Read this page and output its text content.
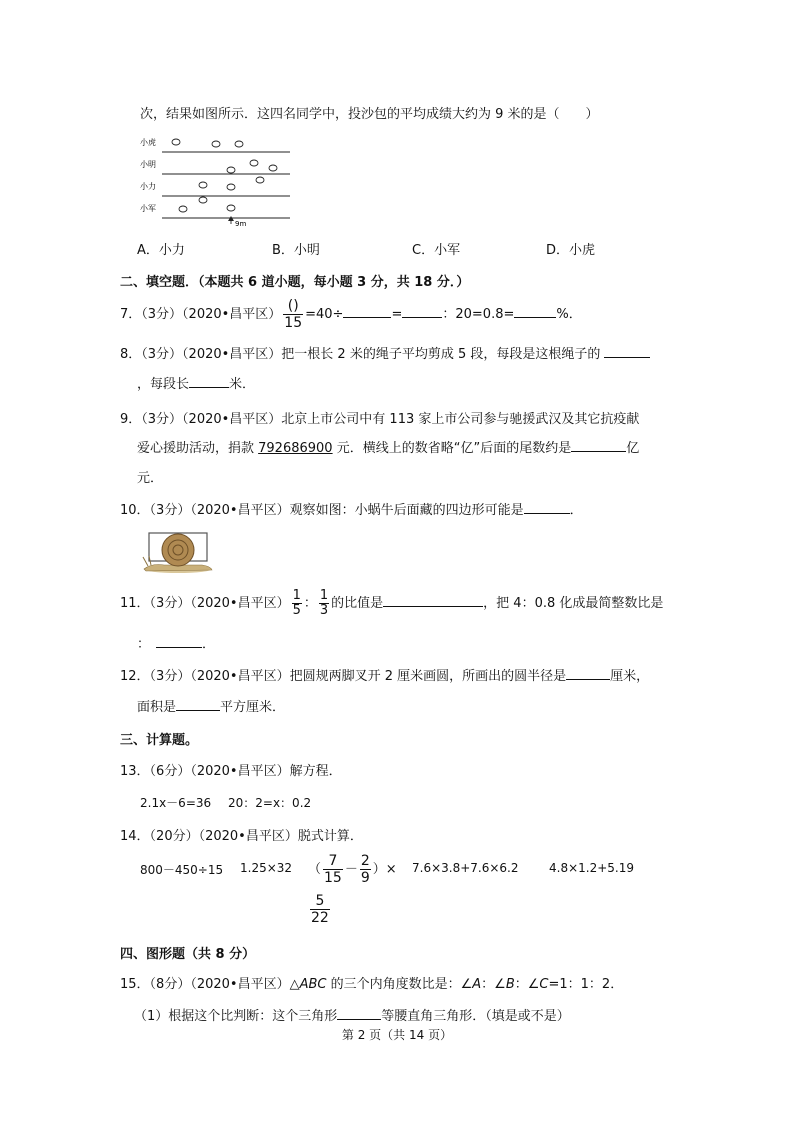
次，结果如图所示．这四名同学中，投沙包的平均成绩大约为 9 米的是（　　）
小虎
小明
小力
小军
9m
A．小力	B．小明	C．小军	D．小虎
二、填空题．（本题共 6 道小题，每小题 3 分，共 18 分．）
7．（3分）（2020•昌平区） $\frac{()}{15} =40\div$	=	：20=0.8=	%．
8．（3分）（2020•昌平区）把一根长 2 米的绳子平均剪成 5 段，每段是这根绳子的
，每段长	米．
9．（3分）（2020•昌平区）北京上市公司中有 113 家上市公司参与驰援武汉及其它抗疫献
爱心援助活动，捐款 792686900 元．横线上的数省略“亿”后面的尾数约是	亿
元．
10．（3分）（2020•昌平区）观察如图：小蜗牛后面藏的四边形可能是	．
11．（3分）（2020•昌平区） $\frac{1}{5}$ ： $\frac{1}{3}$ 的比值是	，把 4：0.8 化成最简整数比是
：	．
12．（3分）（2020•昌平区）把圆规两脚叉开 2 厘米画圆，所画出的圆半径是	厘米，
面积是	平方厘米．
三、计算题。
13．（6分）（2020•昌平区）解方程．
2.1x－6=36 20：2=x：0.2
14．（20分）（2020•昌平区）脱式计算．
800－450÷15 1.25×32 （ $\frac{7}{15} - \frac{2}{9}$ ）× 7.6×3.8+7.6×6.2	4.8×1.2+5.19
$\frac{5}{22}$
四、图形题（共 8 分）
15．（8分）（2020•昌平区）△ABC 的三个内角度数比是：∠A：∠B：∠C=1：1：2．
（1）根据这个比判断：这个三角形	等腰直角三角形．（填是或不是）
第 2 页（共 14 页）
